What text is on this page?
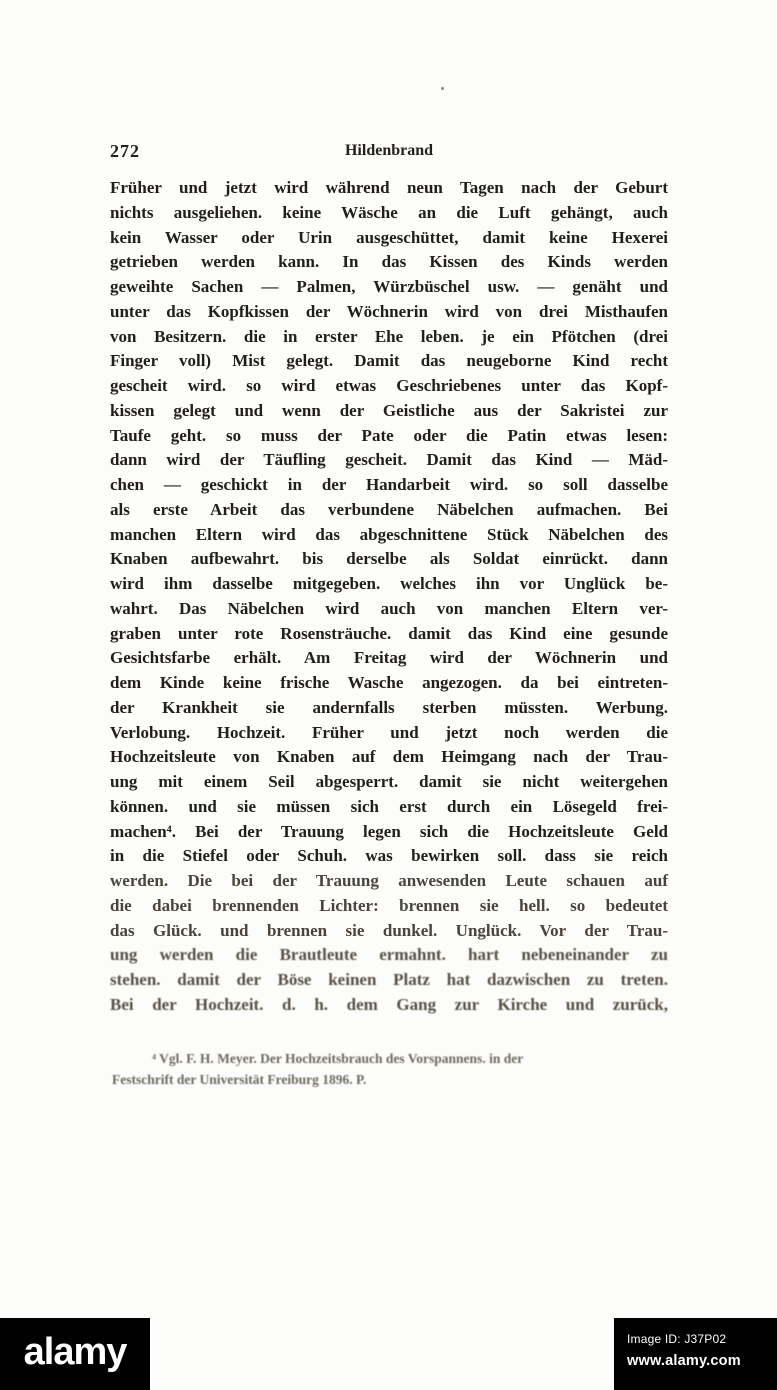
272	Hildenbrand
Früher und jetzt wird während neun Tagen nach der Geburt
nichts ausgeliehen. keine Wäsche an die Luft gehängt, auch
kein Wasser oder Urin ausgeschüttet, damit keine Hexerei
getrieben werden kann. In das Kissen des Kinds werden
geweihte Sachen — Palmen, Würzbüschel usw. — genäht und
unter das Kopfkissen der Wöchnerin wird von drei Misthaufen
von Besitzern. die in erster Ehe leben. je ein Pfötchen (drei
Finger voll) Mist gelegt. Damit das neugeborne Kind recht
gescheit wird. so wird etwas Geschriebenes unter das Kopf-
kissen gelegt und wenn der Geistliche aus der Sakristei zur
Taufe geht. so muss der Pate oder die Patin etwas lesen:
dann wird der Täufling gescheit. Damit das Kind — Mäd-
chen — geschickt in der Handarbeit wird. so soll dasselbe
als erste Arbeit das verbundene Näbelchen aufmachen. Bei
manchen Eltern wird das abgeschnittene Stück Näbelchen des
Knaben aufbewahrt. bis derselbe als Soldat einrückt. dann
wird ihm dasselbe mitgegeben. welches ihn vor Unglück be-
wahrt. Das Näbelchen wird auch von manchen Eltern ver-
graben unter rote Rosensträuche. damit das Kind eine gesunde
Gesichtsfarbe erhält. Am Freitag wird der Wöchnerin und
dem Kinde keine frische Wasche angezogen. da bei eintreten-
der Krankheit sie andernfalls sterben müssten. Werbung.
Verlobung. Hochzeit. Früher und jetzt noch werden die
Hochzeitsleute von Knaben auf dem Heimgang nach der Trau-
ung mit einem Seil abgesperrt. damit sie nicht weitergehen
können. und sie müssen sich erst durch ein Lösegeld frei-
machen⁴. Bei der Trauung legen sich die Hochzeitsleute Geld
in die Stiefel oder Schuh. was bewirken soll. dass sie reich
werden. Die bei der Trauung anwesenden Leute schauen auf
die dabei brennenden Lichter: brennen sie hell. so bedeutet
das Glück. und brennen sie dunkel. Unglück. Vor der Trau-
ung werden die Brautleute ermahnt. hart nebeneinander zu
stehen. damit der Böse keinen Platz hat dazwischen zu treten.
Bei der Hochzeit. d. h. dem Gang zur Kirche und zurück,
⁴ Vgl. F. H. Meyer. Der Hochzeitsbrauch des Vorspannens. in der
Festschrift der Universität Freiburg 1896. P.
alamy	Image ID: J37P02
www.alamy.com
